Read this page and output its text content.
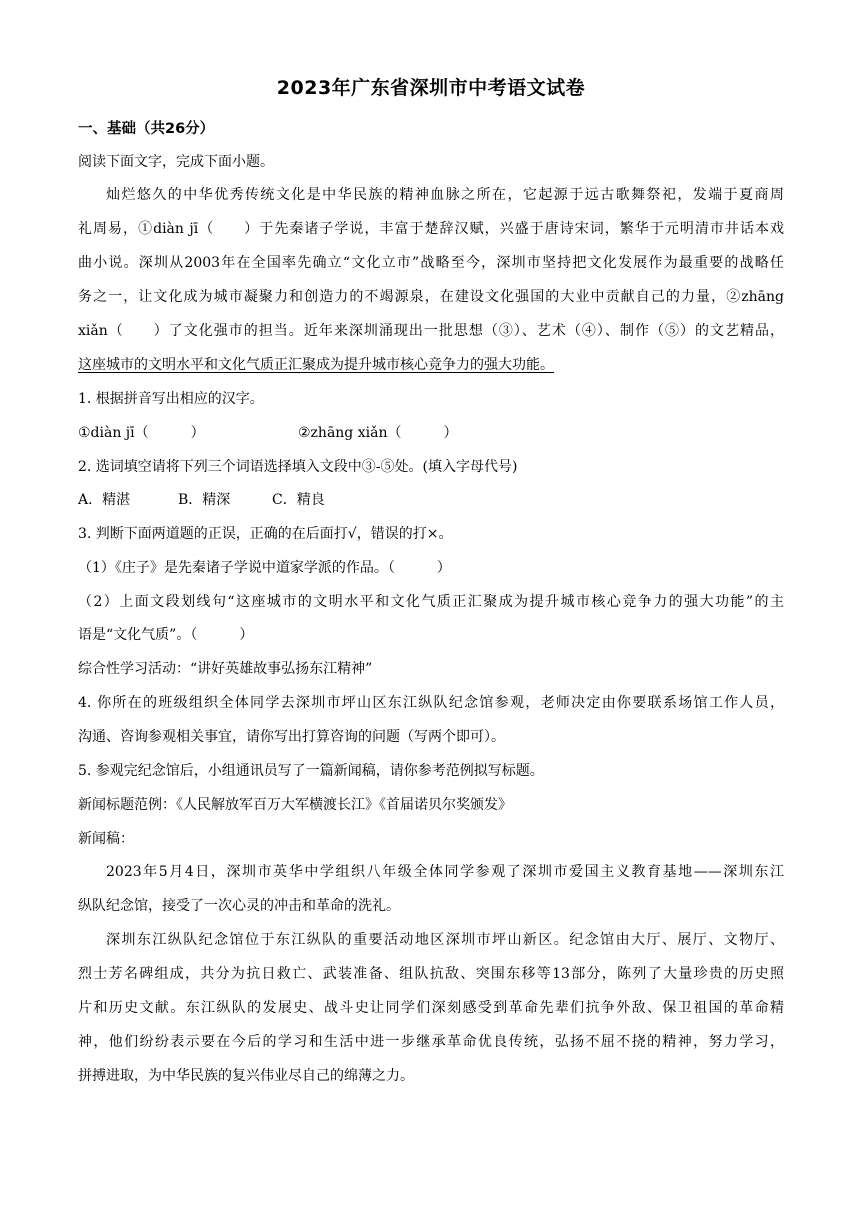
2023年广东省深圳市中考语文试卷
一、基础（共26分）
阅读下面文字，完成下面小题。
灿烂悠久的中华优秀传统文化是中华民族的精神血脉之所在，它起源于远古歌舞祭祀，发端于夏商周
礼周易，①diàn jī（　　）于先秦诸子学说，丰富于楚辞汉赋，兴盛于唐诗宋词，繁华于元明清市井话本戏
曲小说。深圳从2003年在全国率先确立“文化立市”战略至今，深圳市坚持把文化发展作为最重要的战略任
务之一，让文化成为城市凝聚力和创造力的不竭源泉，在建设文化强国的大业中贡献自己的力量，②zhāng
xiǎn（　　）了文化强市的担当。近年来深圳涌现出一批思想（③）、艺术（④）、制作（⑤）的文艺精品，
这座城市的文明水平和文化气质正汇聚成为提升城市核心竞争力的强大功能。
1. 根据拼音写出相应的汉字。
①diàn jī（　　　）	②zhāng xiǎn（　　　）
2. 选词填空请将下列三个词语选择填入文段中③-⑤处。(填入字母代号)
A．精湛	B．精深	C．精良
3. 判断下面两道题的正误，正确的在后面打√，错误的打×。
（1）《庄子》是先秦诸子学说中道家学派的作品。（　　　）
（2）上面文段划线句“这座城市的文明水平和文化气质正汇聚成为提升城市核心竞争力的强大功能”的主
语是“文化气质”。（　　　）
综合性学习活动：“讲好英雄故事弘扬东江精神”
4. 你所在的班级组织全体同学去深圳市坪山区东江纵队纪念馆参观，老师决定由你要联系场馆工作人员，
沟通、咨询参观相关事宜，请你写出打算咨询的问题（写两个即可）。
5. 参观完纪念馆后，小组通讯员写了一篇新闻稿，请你参考范例拟写标题。
新闻标题范例：《人民解放军百万大军横渡长江》《首届诺贝尔奖颁发》
新闻稿：
2023年5月4日，深圳市英华中学组织八年级全体同学参观了深圳市爱国主义教育基地——深圳东江
纵队纪念馆，接受了一次心灵的冲击和革命的洗礼。
深圳东江纵队纪念馆位于东江纵队的重要活动地区深圳市坪山新区。纪念馆由大厅、展厅、文物厅、
烈士芳名碑组成，共分为抗日救亡、武装准备、组队抗敌、突围东移等13部分，陈列了大量珍贵的历史照
片和历史文献。东江纵队的发展史、战斗史让同学们深刻感受到革命先辈们抗争外敌、保卫祖国的革命精
神，他们纷纷表示要在今后的学习和生活中进一步继承革命优良传统，弘扬不屈不挠的精神，努力学习，
拼搏进取，为中华民族的复兴伟业尽自己的绵薄之力。
